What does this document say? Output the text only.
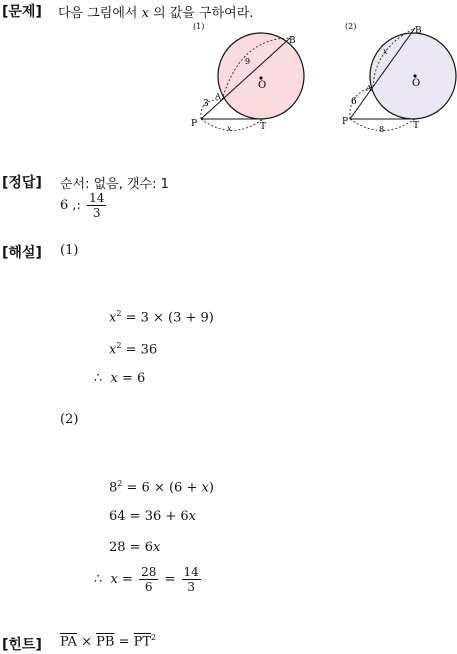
[문제] 다음 그림에서 x 의 값을 구하여라.
(1)
O
B
A
P	T
3
9
x
(2)
O
B
A
P	T
6
x
8
[정답] 순서: 없음, 갯수: 1
6 ,: $\frac{14}{3}$
[해설] (1)
$x^2 = 3 \times (3 + 9)$
$x^2 = 36$
∴ x = 6
(2)
$8^2 = 6 \times (6 + x)$
64 = 36 + 6x
28 = 6x
∴ $x = \frac{28}{6} = \frac{14}{3}$
[힌트] $\overline{PA} \times \overline{PB} = \overline{PT}^2$
